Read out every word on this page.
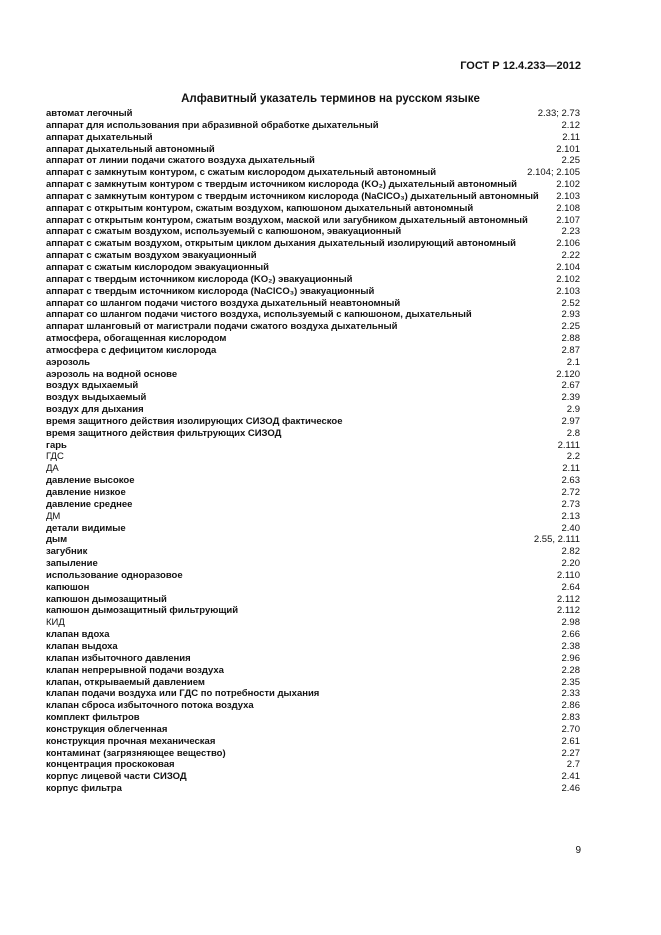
ГОСТ Р 12.4.233—2012
Алфавитный указатель терминов на русском языке
автомат легочный	2.33; 2.73
аппарат для использования при абразивной обработке дыхательный	2.12
аппарат дыхательный	2.11
аппарат дыхательный автономный	2.101
аппарат от линии подачи сжатого воздуха дыхательный	2.25
аппарат с замкнутым контуром, с сжатым кислородом дыхательный автономный	2.104; 2.105
аппарат с замкнутым контуром с твердым источником кислорода (KO₂) дыхательный автономный	2.102
аппарат с замкнутым контуром с твердым источником кислорода (NaClCO₃) дыхательный автономный	2.103
аппарат с открытым контуром, сжатым воздухом, капюшоном дыхательный автономный	2.108
аппарат с открытым контуром, сжатым воздухом, маской или загубником дыхательный автономный	2.107
аппарат с сжатым воздухом, используемый с капюшоном, эвакуационный	2.23
аппарат с сжатым воздухом, открытым циклом дыхания дыхательный изолирующий автономный	2.106
аппарат с сжатым воздухом эвакуационный	2.22
аппарат с сжатым кислородом эвакуационный	2.104
аппарат с твердым источником кислорода (KO₂) эвакуационный	2.102
аппарат с твердым источником кислорода (NaClCO₃) эвакуационный	2.103
аппарат со шлангом подачи чистого воздуха дыхательный неавтономный	2.52
аппарат со шлангом подачи чистого воздуха, используемый с капюшоном, дыхательный	2.93
аппарат шланговый от магистрали подачи сжатого воздуха дыхательный	2.25
атмосфера, обогащенная кислородом	2.88
атмосфера с дефицитом кислорода	2.87
аэрозоль	2.1
аэрозоль на водной основе	2.120
воздух вдыхаемый	2.67
воздух выдыхаемый	2.39
воздух для дыхания	2.9
время защитного действия изолирующих СИЗОД фактическое	2.97
время защитного действия фильтрующих СИЗОД	2.8
гарь	2.111
ГДС	2.2
ДА	2.11
давление высокое	2.63
давление низкое	2.72
давление среднее	2.73
ДМ	2.13
детали видимые	2.40
дым	2.55, 2.111
загубник	2.82
запыление	2.20
использование одноразовое	2.110
капюшон	2.64
капюшон дымозащитный	2.112
капюшон дымозащитный фильтрующий	2.112
КИД	2.98
клапан вдоха	2.66
клапан выдоха	2.38
клапан избыточного давления	2.96
клапан непрерывной подачи воздуха	2.28
клапан, открываемый давлением	2.35
клапан подачи воздуха или ГДС по потребности дыхания	2.33
клапан сброса избыточного потока воздуха	2.86
комплект фильтров	2.83
конструкция облегченная	2.70
конструкция прочная механическая	2.61
контаминат (загрязняющее вещество)	2.27
концентрация проскоковая	2.7
корпус лицевой части СИЗОД	2.41
корпус фильтра	2.46
9
